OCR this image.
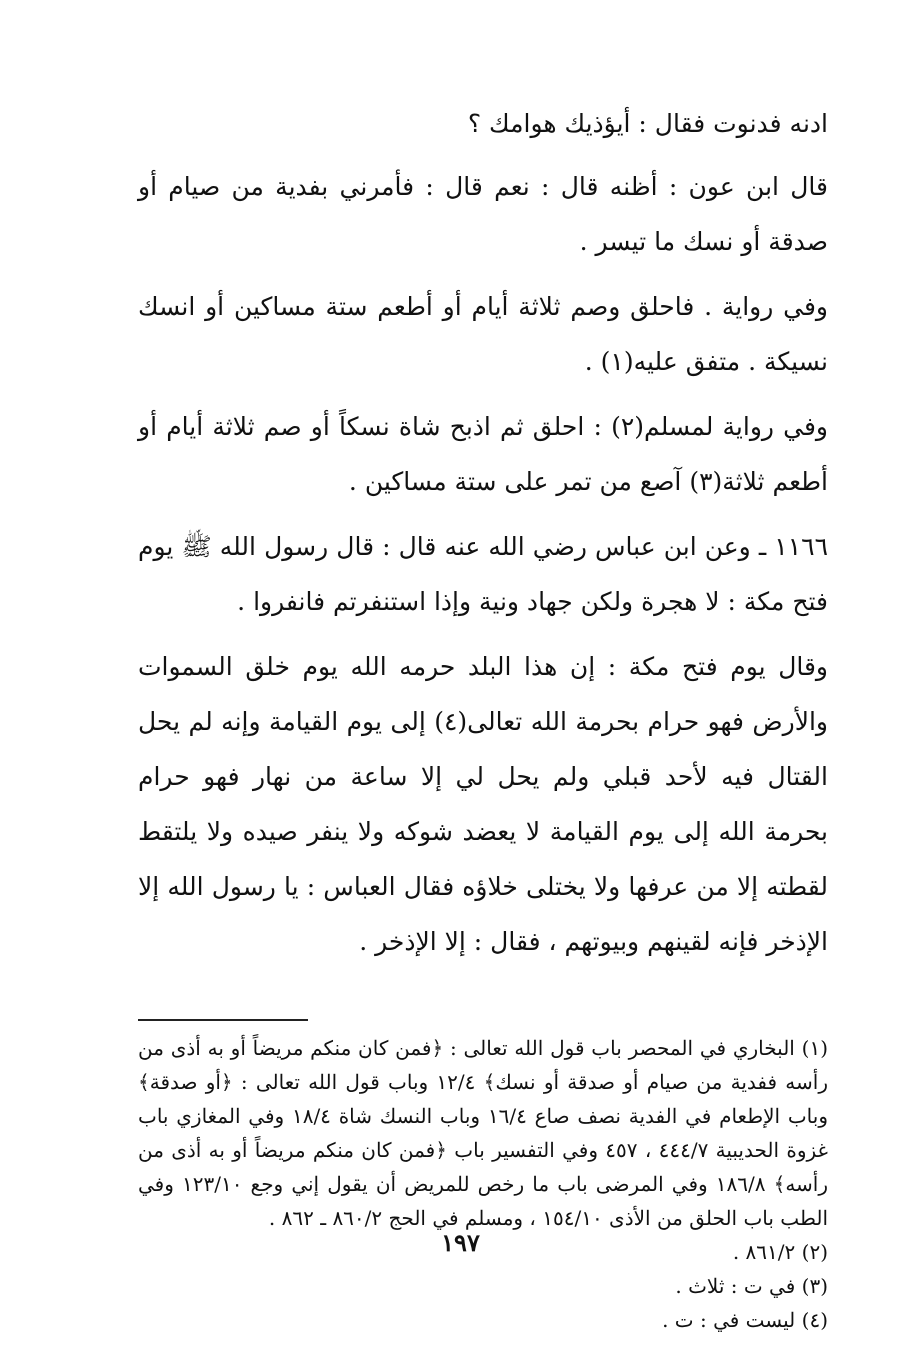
ادنه فدنوت فقال : أيؤذيك هوامك ؟

قال ابن عون : أظنه قال : نعم قال : فأمرني بفدية من صيام أو صدقة أو نسك ما تيسر .

وفي رواية . فاحلق وصم ثلاثة أيام أو أطعم ستة مساكين أو انسك نسيكة . متفق عليه(١) .

وفي رواية لمسلم(٢) : احلق ثم اذبح شاة نسكاً أو صم ثلاثة أيام أو أطعم ثلاثة(٣) آصع من تمر على ستة مساكين .

١١٦٦ ـ وعن ابن عباس رضي الله عنه قال : قال رسول الله ﷺ يوم فتح مكة : لا هجرة ولكن جهاد ونية وإذا استنفرتم فانفروا .

وقال يوم فتح مكة : إن هذا البلد حرمه الله يوم خلق السموات والأرض فهو حرام بحرمة الله تعالى(٤) إلى يوم القيامة وإنه لم يحل القتال فيه لأحد قبلي ولم يحل لي إلا ساعة من نهار فهو حرام بحرمة الله إلى يوم القيامة لا يعضد شوكه ولا ينفر صيده ولا يلتقط لقطته إلا من عرفها ولا يختلى خلاؤه فقال العباس : يا رسول الله إلا الإذخر فإنه لقينهم وبيوتهم ، فقال : إلا الإذخر .

(١) البخاري في المحصر باب قول الله تعالى : ﴿فمن كان منكم مريضاً أو به أذى من رأسه ففدية من صيام أو صدقة أو نسك﴾ ١٢/٤ وباب قول الله تعالى : ﴿أو صدقة﴾ وباب الإطعام في الفدية نصف صاع ١٦/٤ وباب النسك شاة ١٨/٤ وفي المغازي باب غزوة الحديبية ٤٤٤/٧ ، ٤٥٧ وفي التفسير باب ﴿فمن كان منكم مريضاً أو به أذى من رأسه﴾ ١٨٦/٨ وفي المرضى باب ما رخص للمريض أن يقول إني وجع ١٢٣/١٠ وفي الطب باب الحلق من الأذى ١٥٤/١٠ ، ومسلم في الحج ٨٦٠/٢ ـ ٨٦٢ .

(٢) ٨٦١/٢ .

(٣) في ت : ثلاث .

(٤) ليست في : ت .

١٩٧
